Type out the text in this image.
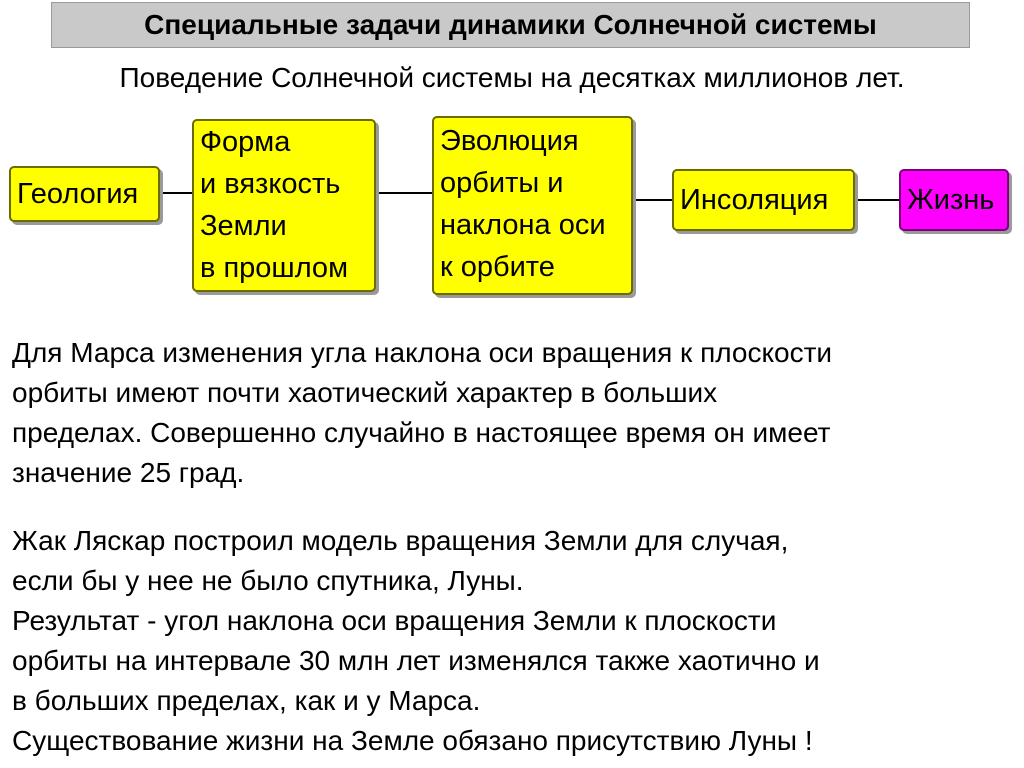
Специальные задачи динамики Солнечной системы
Поведение Солнечной системы на десятках миллионов лет.
Геология
Форма
и вязкость
Земли
в прошлом
Эволюция
орбиты и
наклона оси
к орбите
Инсоляция	Жизнь
Для Марса изменения угла наклона оси вращения к плоскости
орбиты имеют почти хаотический характер в больших
пределах. Совершенно случайно в настоящее время он имеет
значение 25 град.
Жак Ляскар построил модель вращения Земли для случая,
если бы у нее не было спутника, Луны.
Результат - угол наклона оси вращения Земли к плоскости
орбиты на интервале 30 млн лет изменялся также хаотично и
в больших пределах, как и у Марса.
Существование жизни на Земле обязано присутствию Луны !
